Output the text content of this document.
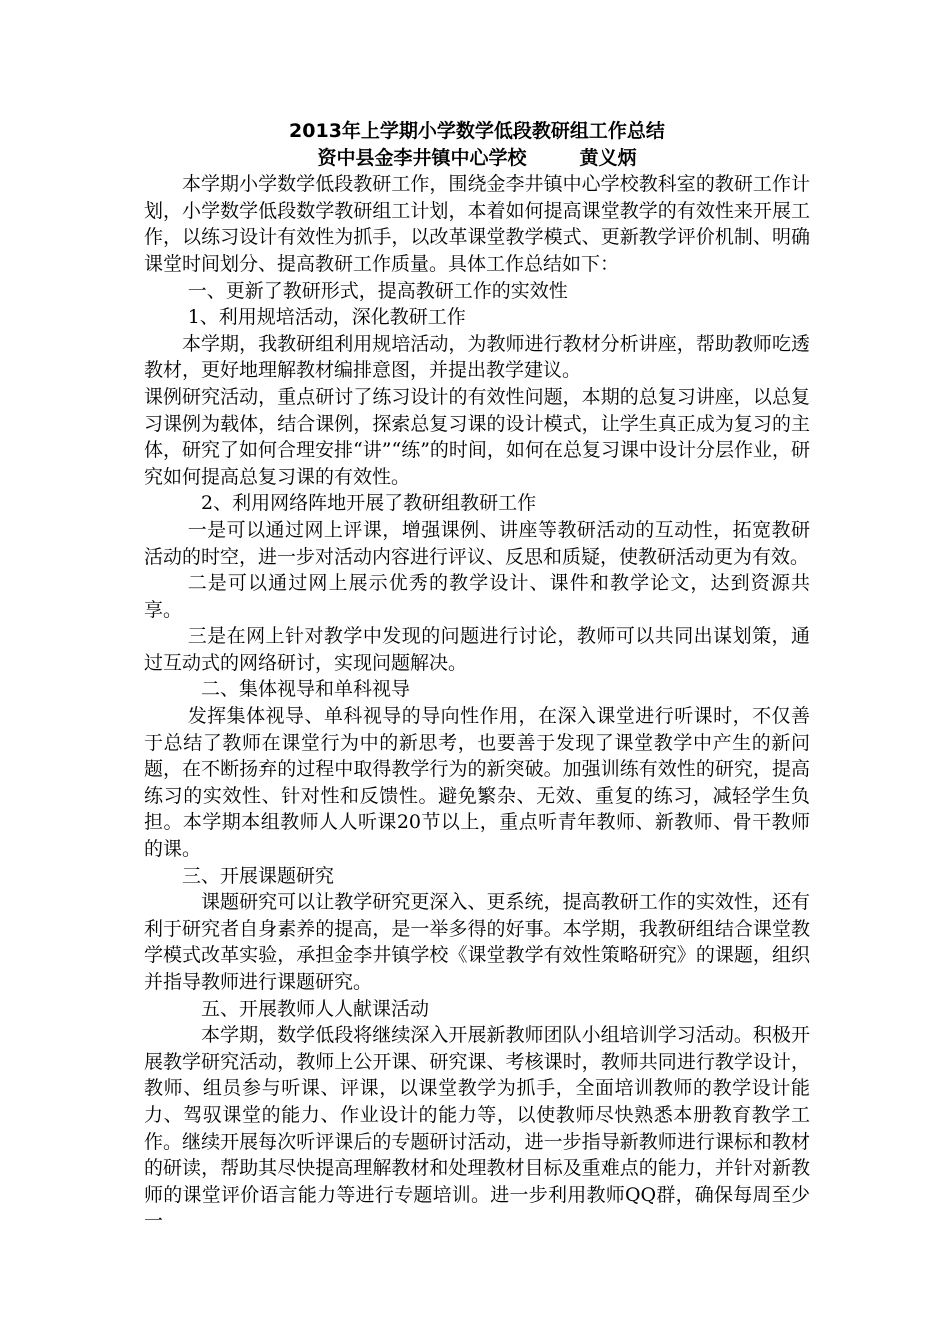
2013年上学期小学数学低段教研组工作总结
资中县金李井镇中心学校        黄义炳

本学期小学数学低段教研工作，围绕金李井镇中心学校教科室的教研工作计划，小学数学低段数学教研组工计划，本着如何提高课堂教学的有效性来开展工作，以练习设计有效性为抓手，以改革课堂教学模式、更新教学评价机制、明确课堂时间划分、提高教研工作质量。具体工作总结如下：

一、更新了教研形式，提高教研工作的实效性

1、利用规培活动，深化教研工作

本学期，我教研组利用规培活动，为教师进行教材分析讲座，帮助教师吃透教材，更好地理解教材编排意图，并提出教学建议。

课例研究活动，重点研讨了练习设计的有效性问题，本期的总复习讲座，以总复习课例为载体，结合课例，探索总复习课的设计模式，让学生真正成为复习的主体，研究了如何合理安排“讲”“练”的时间，如何在总复习课中设计分层作业，研究如何提高总复习课的有效性。

2、利用网络阵地开展了教研组教研工作

一是可以通过网上评课，增强课例、讲座等教研活动的互动性，拓宽教研活动的时空，进一步对活动内容进行评议、反思和质疑，使教研活动更为有效。

二是可以通过网上展示优秀的教学设计、课件和教学论文，达到资源共享。

三是在网上针对教学中发现的问题进行讨论，教师可以共同出谋划策，通过互动式的网络研讨，实现问题解决。

二、集体视导和单科视导

发挥集体视导、单科视导的导向性作用，在深入课堂进行听课时，不仅善于总结了教师在课堂行为中的新思考，也要善于发现了课堂教学中产生的新问题，在不断扬弃的过程中取得教学行为的新突破。加强训练有效性的研究，提高练习的实效性、针对性和反馈性。避免繁杂、无效、重复的练习，减轻学生负担。本学期本组教师人人听课20节以上，重点听青年教师、新教师、骨干教师的课。

三、开展课题研究

课题研究可以让教学研究更深入、更系统，提高教研工作的实效性，还有利于研究者自身素养的提高，是一举多得的好事。本学期，我教研组结合课堂教学模式改革实验，承担金李井镇学校《课堂教学有效性策略研究》的课题，组织并指导教师进行课题研究。

五、开展教师人人献课活动

本学期，数学低段将继续深入开展新教师团队小组培训学习活动。积极开展教学研究活动，教师上公开课、研究课、考核课时，教师共同进行教学设计，教师、组员参与听课、评课，以课堂教学为抓手，全面培训教师的教学设计能力、驾驭课堂的能力、作业设计的能力等，以使教师尽快熟悉本册教育教学工作。继续开展每次听评课后的专题研讨活动，进一步指导新教师进行课标和教材的研读，帮助其尽快提高理解教材和处理教材目标及重难点的能力，并针对新教师的课堂评价语言能力等进行专题培训。进一步利用教师QQ群，确保每周至少一
